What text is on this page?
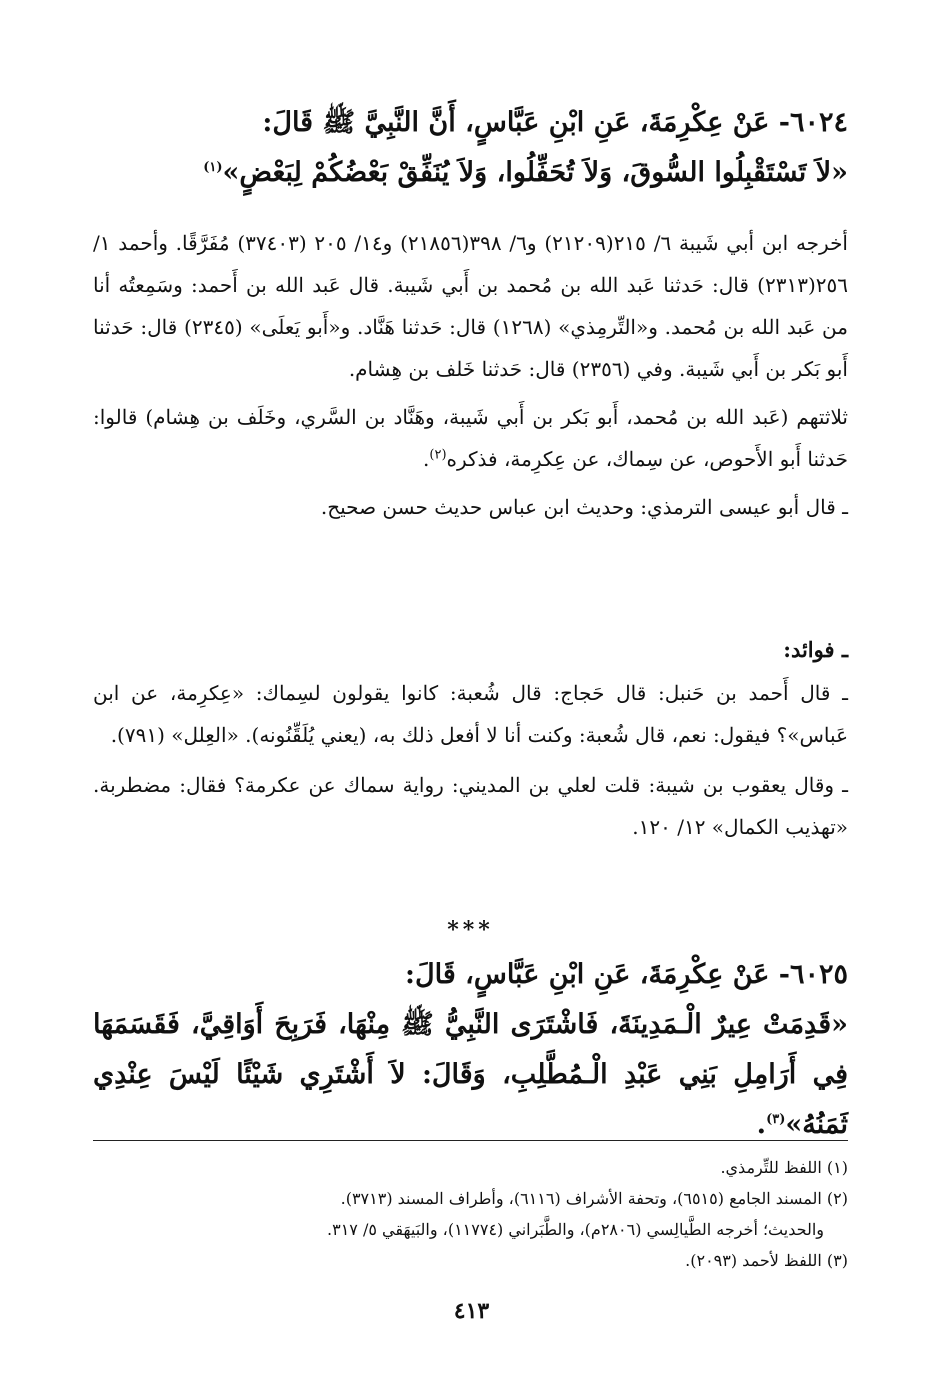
٦٠٢٤- عَنْ عِكْرِمَةَ، عَنِ ابْنِ عَبَّاسٍ، أَنَّ النَّبِيَّ ﷺ قَالَ:

«لاَ تَسْتَقْبِلُوا السُّوقَ، وَلاَ تُحَفِّلُوا، وَلاَ يُنَفِّقْ بَعْضُكُمْ لِبَعْضٍ»$^{(١)}$

أخرجه ابن أبي شَيبة ٦/ ٢١٥(٢١٢٠٩) و٦/ ٣٩٨(٢١٨٥٦) و١٤/ ٢٠٥ (٣٧٤٠٣) مُفَرَّقًا. وأحمد ١/ ٢٥٦(٢٣١٣) قال: حَدثنا عَبد الله بن مُحمد بن أَبي شَيبة. قال عَبد الله بن أَحمد: وسَمِعتُه أنا من عَبد الله بن مُحمد. و«التِّرمِذي» (١٢٦٨) قال: حَدثنا هَنَّاد. و«أَبو يَعلَى» (٢٣٤٥) قال: حَدثنا أَبو بَكر بن أَبي شَيبة. وفي (٢٣٥٦) قال: حَدثنا خَلف بن هِشام.

ثلاثتهم (عَبد الله بن مُحمد، أَبو بَكر بن أَبي شَيبة، وهَنَّاد بن السَّري، وخَلَف بن هِشام) قالوا: حَدثنا أَبو الأَحوص، عن سِماك، عن عِكرِمة، فذكره$^{(٢)}$.

ـ قال أبو عيسى الترمذي: وحديث ابن عباس حديث حسن صحيح.

ـ فوائد:

ـ قال أَحمد بن حَنبل: قال حَجاج: قال شُعبة: كانوا يقولون لسِماك: «عِكرِمة، عن ابن عَباس»؟ فيقول: نعم، قال شُعبة: وكنت أنا لا أفعل ذلك به، (يعني يُلَقِّنُونه). «العِلل» (٧٩١).

ـ وقال يعقوب بن شيبة: قلت لعلي بن المديني: رواية سماك عن عكرمة؟ فقال: مضطربة. «تهذيب الكمال» ١٢/ ١٢٠.

***

٦٠٢٥- عَنْ عِكْرِمَةَ، عَنِ ابْنِ عَبَّاسٍ، قَالَ:

«قَدِمَتْ عِيرٌ الْـمَدِينَةَ، فَاشْتَرَى النَّبِيُّ ﷺ مِنْهَا، فَرَبِحَ أَوَاقِيَّ، فَقَسَمَهَا فِي أَرَامِلِ بَنِي عَبْدِ الْـمُطَّلِبِ، وَقَالَ: لاَ أَشْتَرِي شَيْئًا لَيْسَ عِنْدِي ثَمَنُهُ»$^{(٣)}$.

(١) اللفظ للتِّرمذي.

(٢) المسند الجامع (٦٥١٥)، وتحفة الأشراف (٦١١٦)، وأطراف المسند (٣٧١٣).

والحديث؛ أخرجه الطَّيالِسي (٢٨٠٦م)، والطَّبَراني (١١٧٧٤)، والبَيهَقي ٥/ ٣١٧.

(٣) اللفظ لأحمد (٢٠٩٣).

٤١٣
